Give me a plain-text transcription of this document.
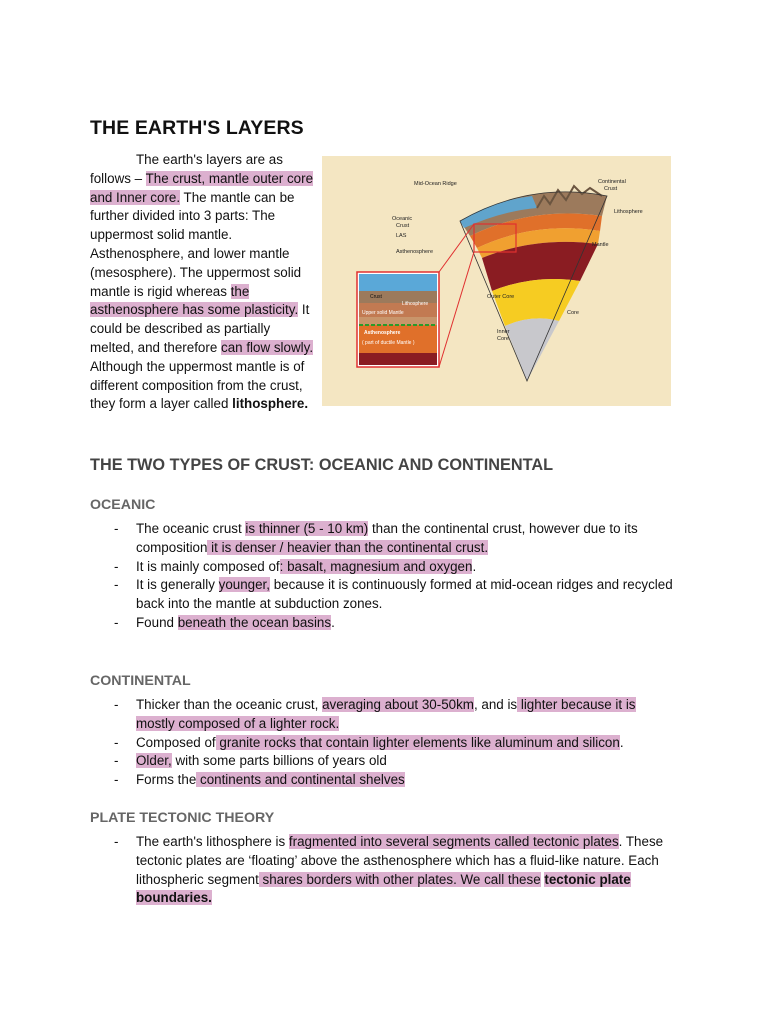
THE EARTH'S LAYERS

The earth's layers are as follows – The crust, mantle outer core and Inner core. The mantle can be further divided into 3 parts: The uppermost solid mantle. Asthenosphere, and lower mantle (mesosphere). The uppermost solid mantle is rigid whereas the asthenosphere has some plasticity. It could be described as partially melted, and therefore can flow slowly. Although the uppermost mantle is of different composition from the crust, they form a layer called lithosphere.

Mid-Ocean Ridge	Continental
Crust
Oceanic
Crust
Lithosphere
LAS
Asthenosphere
Mantle
Outer Core
Core
Inner
Core
Crust
Lithosphere
Upper solid Mantle
Asthenosphere
( part of ductile Mantle )
THE TWO TYPES OF CRUST: OCEANIC AND CONTINENTAL
OCEANIC
- The oceanic crust is thinner (5 - 10 km) than the continental crust, however due to its composition it is denser / heavier than the continental crust.
- It is mainly composed of: basalt, magnesium and oxygen.
- It is generally younger, because it is continuously formed at mid-ocean ridges and recycled back into the mantle at subduction zones.
- Found beneath the ocean basins.
CONTINENTAL
- Thicker than the oceanic crust, averaging about 30-50km, and is lighter because it is mostly composed of a lighter rock.
- Composed of granite rocks that contain lighter elements like aluminum and silicon.
- Older, with some parts billions of years old
- Forms the continents and continental shelves
PLATE TECTONIC THEORY
- The earth's lithosphere is fragmented into several segments called tectonic plates. These tectonic plates are ‘floating’ above the asthenosphere which has a fluid-like nature. Each lithospheric segment shares borders with other plates. We call these tectonic plate boundaries.
